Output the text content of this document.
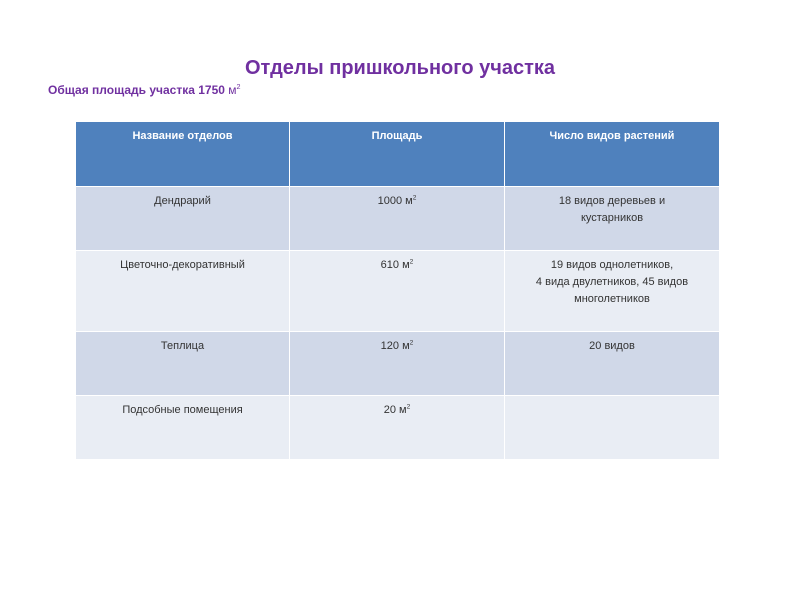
Отделы пришкольного участка
Общая площадь участка 1750 $м^2$
Название отделов	Площадь	Число видов растений
Дендрарий	1000 $м^2$	18 видов деревьев и
кустарников

Цветочно-декоративный	610 $м^2$	19 видов однолетников,
4 вида двулетников, 45 видов
многолетников

Теплица	120 $м^2$	20 видов

Подсобные помещения	20 $м^2$	
